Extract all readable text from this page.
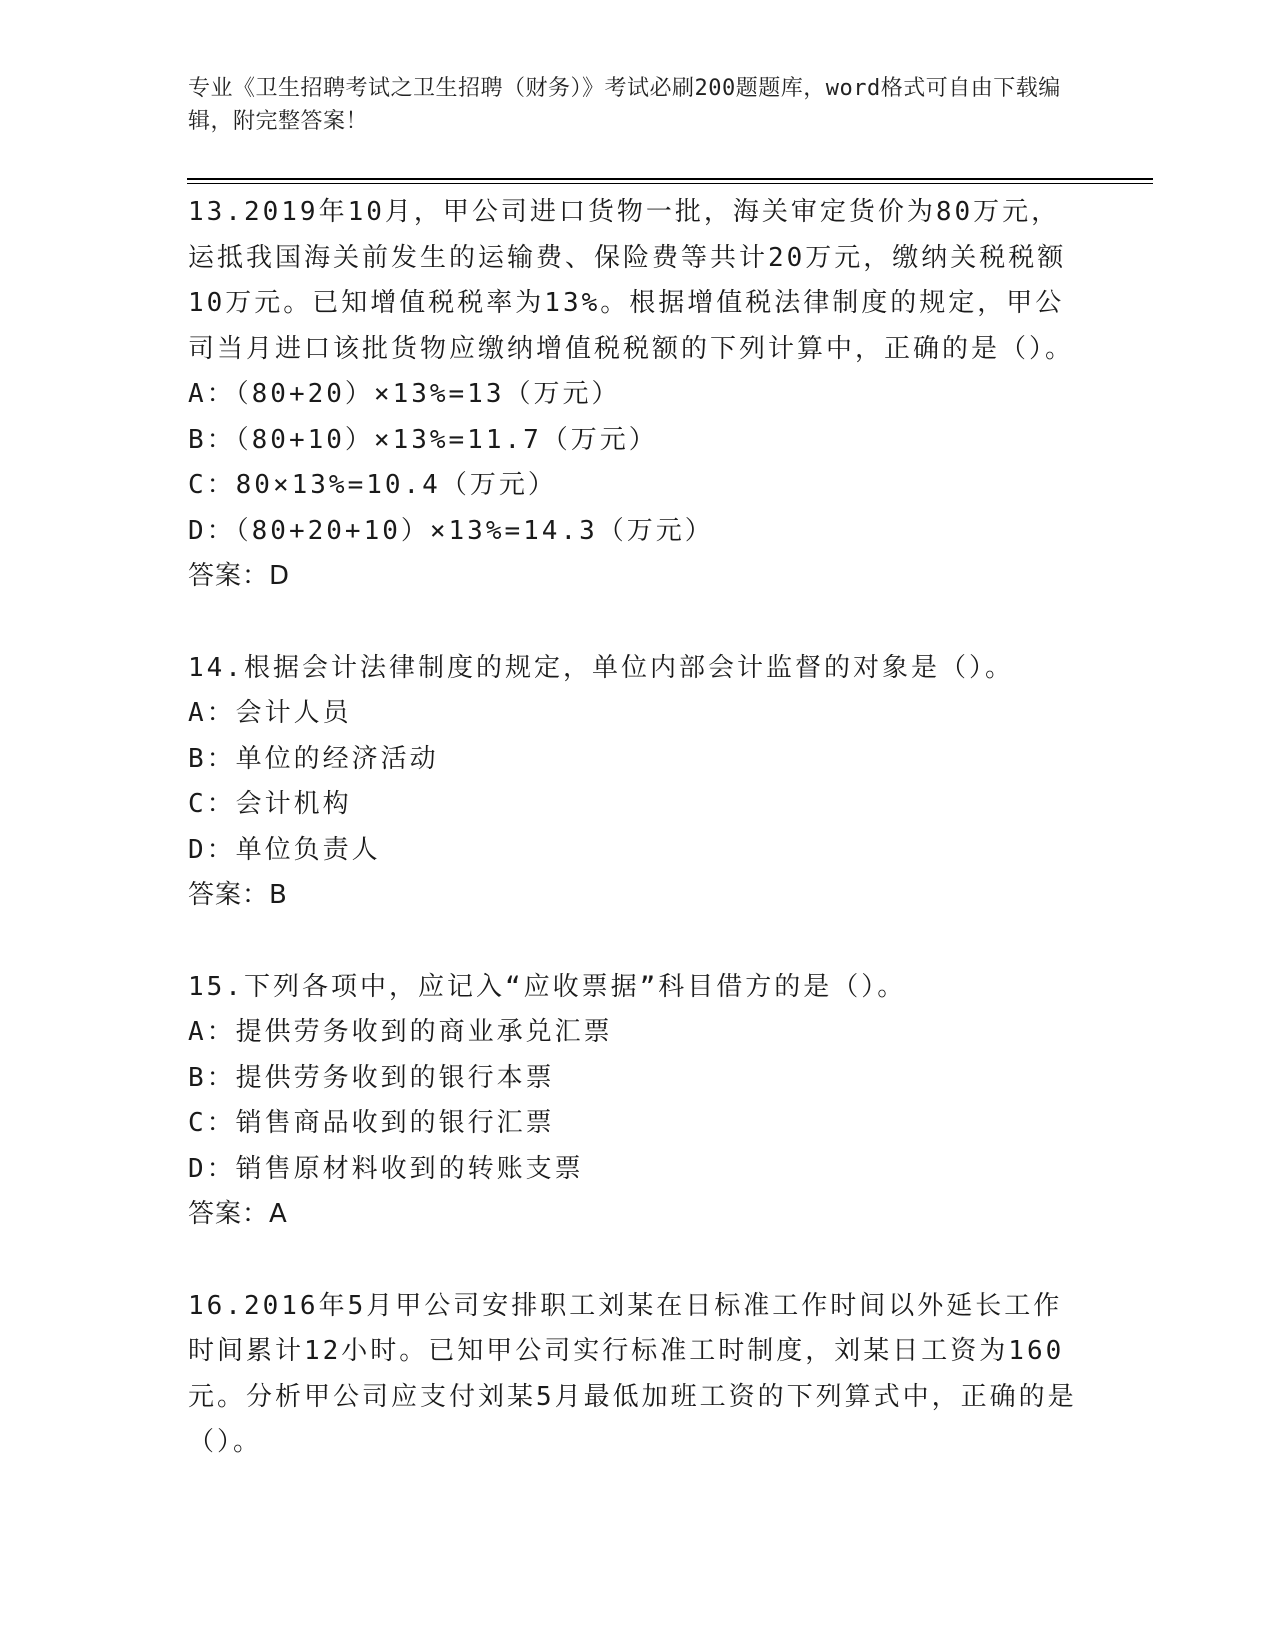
专业《卫生招聘考试之卫生招聘（财务）》考试必刷200题题库，word格式可自由下载编辑，附完整答案！

13.2019年10月，甲公司进口货物一批，海关审定货价为80万元，运抵我国海关前发生的运输费、保险费等共计20万元，缴纳关税税额10万元。已知增值税税率为13%。根据增值税法律制度的规定，甲公司当月进口该批货物应缴纳增值税税额的下列计算中，正确的是（）。

A：（80+20）×13%=13（万元）

B：（80+10）×13%=11.7（万元）

C：80×13%=10.4（万元）

D：（80+20+10）×13%=14.3（万元）

答案：D

14.根据会计法律制度的规定，单位内部会计监督的对象是（）。

A：会计人员

B：单位的经济活动

C：会计机构

D：单位负责人

答案：B

15.下列各项中，应记入“应收票据”科目借方的是（）。

A：提供劳务收到的商业承兑汇票

B：提供劳务收到的银行本票

C：销售商品收到的银行汇票

D：销售原材料收到的转账支票

答案：A

16.2016年5月甲公司安排职工刘某在日标准工作时间以外延长工作时间累计12小时。已知甲公司实行标准工时制度，刘某日工资为160元。分析甲公司应支付刘某5月最低加班工资的下列算式中，正确的是（）。
